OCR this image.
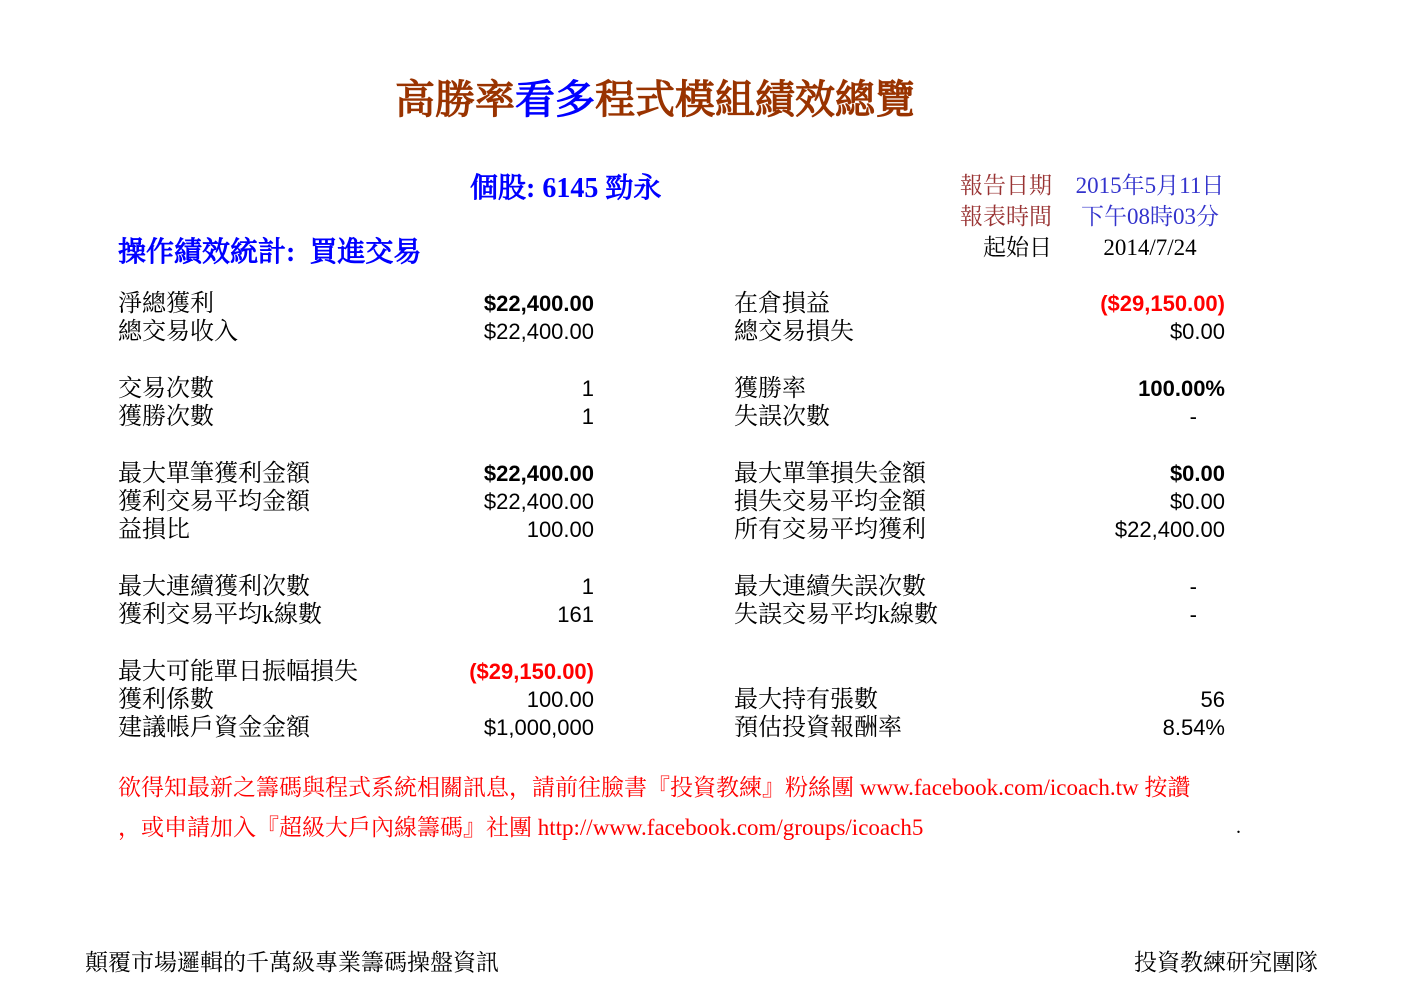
高勝率看多程式模組績效總覽
個股: 6145 勁永	報告日期	2015年5月11日
報表時間	下午08時03分
起始日	2014/7/24
操作績效統計:  買進交易
淨總獲利	$22,400.00	在倉損益	($29,150.00)
總交易收入	$22,400.00	總交易損失	$0.00
交易次數	1	獲勝率	100.00%
獲勝次數	1	失誤次數	-
最大單筆獲利金額	$22,400.00	最大單筆損失金額	$0.00
獲利交易平均金額	$22,400.00	損失交易平均金額	$0.00
益損比	100.00	所有交易平均獲利	$22,400.00
最大連續獲利次數	1	最大連續失誤次數	-
獲利交易平均k線數	161	失誤交易平均k線數	-
最大可能單日振幅損失	($29,150.00)
獲利係數	100.00	最大持有張數	56
建議帳戶資金金額	$1,000,000	預估投資報酬率	8.54%
欲得知最新之籌碼與程式系統相關訊息，請前往臉書『投資教練』粉絲團 www.facebook.com/icoach.tw 按讚
，或申請加入『超級大戶內線籌碼』社團 http://www.facebook.com/groups/icoach5	.
顛覆市場邏輯的千萬級專業籌碼操盤資訊	投資教練研究團隊
